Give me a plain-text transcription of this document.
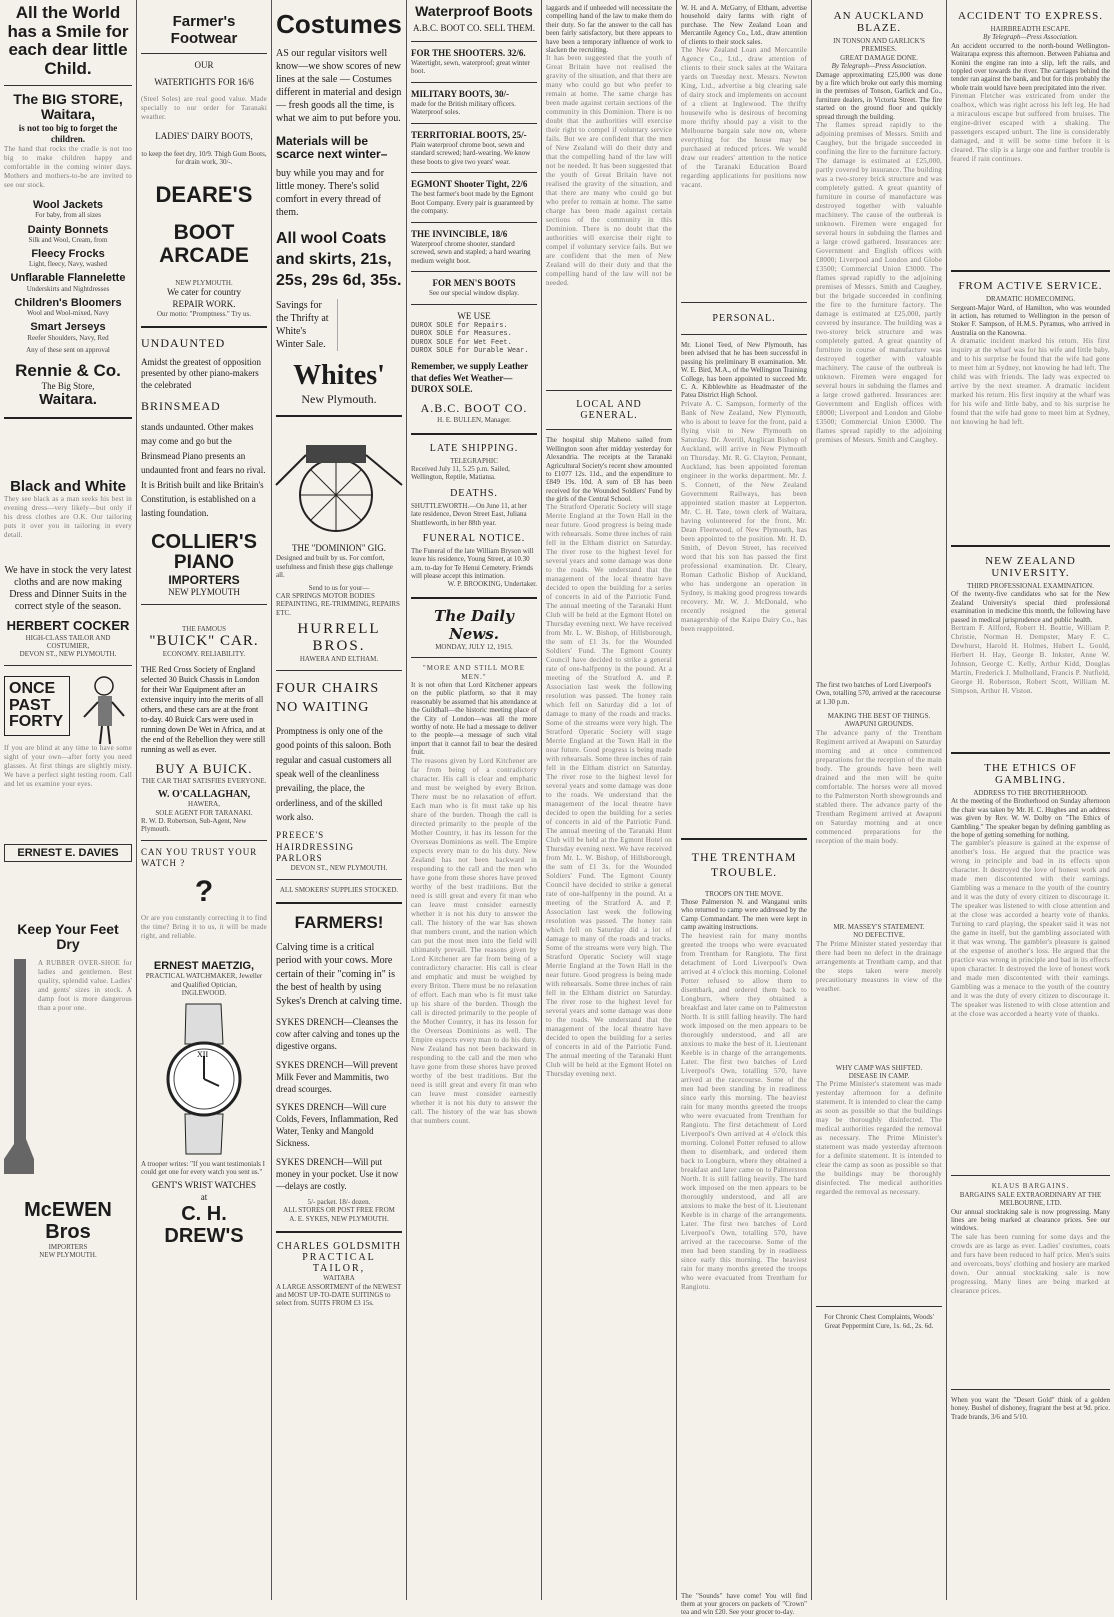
All the World has a Smile for each dear little Child.
The BIG STORE, Waitara,
is not too big to forget the children.
The hand that rocks the cradle is not too big to make children happy and comfortable in the coming winter days. Mothers and mothers-to-be are invited to see our stock.
Wool Jackets
For baby, from all sizes
Dainty Bonnets
Silk and Wool, Cream, from
Fleecy Frocks
Light, fleecy, Navy, washed
Unflarable Flannelette
Underskirts and Nightdresses
Children's Bloomers
Wool and Wool-mixed, Navy
Smart Jerseys
Reefer Shoulders, Navy, Red
Any of these sent on approval
Rennie & Co.
The Big Store,
Waitara.
Black and White
They see black as a man seeks his best in evening dress—very likely—but only if his dress clothes are O.K. Our tailoring puts it over you in tailoring in every detail.
We have in stock the very latest cloths and are now making Dress and Dinner Suits in the correct style of the season.
HERBERT COCKER
HIGH-CLASS TAILOR AND COSTUMIER,
DEVON ST., NEW PLYMOUTH.
ONCE PAST FORTY
If you are blind at any time to have some sight of your own—after forty you need glasses. At first things are slightly misty. We have a perfect sight testing room. Call and let us examine your eyes.
ERNEST E. DAVIES
Keep Your Feet Dry
A RUBBER OVER-SHOE for ladies and gentlemen. Best quality, splendid value. Ladies' and gents' sizes in stock. A damp foot is more dangerous than a poor one.
McEWEN Bros
IMPORTERS
NEW PLYMOUTH.
Farmer's Footwear
OUR
WATERTIGHTS FOR 16/6
(Steel Soles) are real good value. Made specially to our order for Taranaki weather.
LADIES' DAIRY BOOTS,
to keep the feet dry, 10/9. Thigh Gum Boots, for drain work, 30/-.
DEARE'S
BOOT ARCADE
NEW PLYMOUTH.
We cater for country
REPAIR WORK.
Our motto: "Promptness." Try us.
UNDAUNTED
Amidst the greatest of opposition presented by other piano-makers the celebrated
BRINSMEAD
stands undaunted. Other makes may come and go but the Brinsmead Piano presents an undaunted front and fears no rival. It is British built and like Britain's Constitution, is established on a lasting foundation.
COLLIER'S
PIANO
IMPORTERS
NEW PLYMOUTH
THE FAMOUS
"BUICK" CAR.
ECONOMY. RELIABILITY.
THE Red Cross Society of England selected 30 Buick Chassis in London for their War Equipment after an extensive inquiry into the merits of all others, and these cars are at the front to-day. 40 Buick Cars were used in running down De Wet in Africa, and at the end of the Rebellion they were still running as well as ever.
BUY A BUICK.
THE CAR THAT SATISFIES EVERYONE.
W. O'CALLAGHAN,
HAWERA,
SOLE AGENT FOR TARANAKI.
R. W. D. Robertson, Sub-Agent, New Plymouth.
CAN YOU TRUST YOUR WATCH ?
?
Or are you constantly correcting it to find the time? Bring it to us, it will be made right, and reliable.
ERNEST MAETZIG,
PRACTICAL WATCHMAKER, Jeweller and Qualified Optician,
INGLEWOOD.
XII
A trooper writes: "If you want testimonials I could get one for every watch you sent us."
GENT'S WRIST WATCHES
at
C. H. DREW'S
Costumes
AS our regular visitors well know—we show scores of new lines at the sale — Costumes different in material and design — fresh goods all the time, is what we aim to put before you.
Materials will be scarce next winter–
buy while you may and for little money. There's solid comfort in every thread of them.
All wool Coats and skirts, 21s, 25s, 29s 6d, 35s.
Savings for the Thrifty at White's Winter Sale.
Whites'
New Plymouth.
THE "DOMINION" GIG.
Designed and built by us. For comfort, usefulness and finish these gigs challenge all.
Send to us for your—
CAR SPRINGS MOTOR BODIES REPAINTING, RE-TRIMMING, REPAIRS ETC.
HURRELL BROS.
HAWERA AND ELTHAM.
FOUR CHAIRS NO WAITING
Promptness is only one of the good points of this saloon. Both regular and casual customers all speak well of the cleanliness prevailing, the place, the orderliness, and of the skilled work also.
PREECE'S HAIRDRESSING PARLORS
DEVON ST., NEW PLYMOUTH.
ALL SMOKERS' SUPPLIES STOCKED.
FARMERS!
Calving time is a critical period with your cows. More certain of their "coming in" is the best of health by using Sykes's Drench at calving time.
SYKES DRENCH—Cleanses the cow after calving and tones up the digestive organs.
SYKES DRENCH—Will prevent Milk Fever and Mammitis, two dread scourges.
SYKES DRENCH—Will cure Colds, Fevers, Inflammation, Red Water, Tenky and Mangold Sickness.
SYKES DRENCH—Will put money in your pocket. Use it now—delays are costly.
5/- packet. 18/- dozen.
ALL STORES OR POST FREE FROM
A. E. SYKES, NEW PLYMOUTH.
CHARLES GOLDSMITH
PRACTICAL TAILOR,
WAITARA
A LARGE ASSORTMENT of the NEWEST and MOST UP-TO-DATE SUITINGS to select from. SUITS FROM £3 15s.
Waterproof Boots
A.B.C. BOOT CO. SELL THEM.
FOR THE SHOOTERS. 32/6.
Watertight, sewn, waterproof; great winter boot.
MILITARY BOOTS, 30/-
made for the British military officers. Waterproof soles.
TERRITORIAL BOOTS, 25/-
Plain waterproof chrome boot, sewn and standard screwed; hard-wearing. We know these boots to give two years' wear.
EGMONT Shooter Tight, 22/6
The best farmer's boot made by the Egmont Boot Company. Every pair is guaranteed by the company.
THE INVINCIBLE, 18/6
Waterproof chrome shooter, standard screwed, sewn and stapled; a hard wearing medium weight boot.
FOR MEN'S BOOTS
See our special window display.
WE USE
DUROX SOLE for Repairs.
DUROX SOLE for Measures.
DUROX SOLE for Wet Feet.
DUROX SOLE for Durable Wear.
Remember, we supply Leather that defies Wet Weather— DUROX SOLE.
A.B.C. BOOT CO.
H. E. BULLEN, Manager.
LATE SHIPPING.
TELEGRAPHIC
Received July 11, 5.25 p.m. Sailed, Wellington, Reptile, Matiatua.
DEATHS.
SHUTTLEWORTH.—On June 11, at her late residence, Devon Street East, Juliana Shuttleworth, in her 88th year.
FUNERAL NOTICE.
The Funeral of the late William Bryson will leave his residence, Young Street, at 10.30 a.m. to-day for Te Henui Cemetery. Friends will please accept this intimation.
W. P. BROOKING, Undertaker.
The Daily News.
MONDAY, JULY 12, 1915.
"MORE AND STILL MORE MEN."
It is not often that Lord Kitchener appears on the public platform, so that it may reasonably be assumed that his attendance at the Guildhall—the historic meeting place of the City of London—was all the more worthy of note. He had a message to deliver to the people—a message of such vital import that it cannot fail to bear the desired fruit.
The reasons given by Lord Kitchener are far from being of a contradictory character. His call is clear and emphatic and must be weighed by every Briton. There must be no relaxation of effort. Each man who is fit must take up his share of the burden. Though the call is directed primarily to the people of the Mother Country, it has its lesson for the Overseas Dominions as well. The Empire expects every man to do his duty. New Zealand has not been backward in responding to the call and the men who have gone from these shores have proved worthy of the best traditions. But the need is still great and every fit man who can leave must consider earnestly whether it is not his duty to answer the call. The history of the war has shown that numbers count, and the nation which can put the most men into the field will ultimately prevail. The reasons given by Lord Kitchener are far from being of a contradictory character. His call is clear and emphatic and must be weighed by every Briton. There must be no relaxation of effort. Each man who is fit must take up his share of the burden. Though the call is directed primarily to the people of the Mother Country, it has its lesson for the Overseas Dominions as well. The Empire expects every man to do his duty. New Zealand has not been backward in responding to the call and the men who have gone from these shores have proved worthy of the best traditions. But the need is still great and every fit man who can leave must consider earnestly whether it is not his duty to answer the call. The history of the war has shown that numbers count.
laggards and if unheeded will necessitate the compelling hand of the law to make them do their duty. So far the answer to the call has been fairly satisfactory, but there appears to have been a temporary influence of work to slacken the recruiting.
It has been suggested that the youth of Great Britain have not realised the gravity of the situation, and that there are many who could go but who prefer to remain at home. The same charge has been made against certain sections of the community in this Dominion. There is no doubt that the authorities will exercise their right to compel if voluntary service fails. But we are confident that the men of New Zealand will do their duty and that the compelling hand of the law will not be needed. It has been suggested that the youth of Great Britain have not realised the gravity of the situation, and that there are many who could go but who prefer to remain at home. The same charge has been made against certain sections of the community in this Dominion. There is no doubt that the authorities will exercise their right to compel if voluntary service fails. But we are confident that the men of New Zealand will do their duty and that the compelling hand of the law will not be needed.
LOCAL AND GENERAL.
The hospital ship Maheno sailed from Wellington soon after midday yesterday for Alexandria. The receipts at the Taranaki Agricultural Society's recent show amounted to £1077 12s. 11d., and the expenditure to £849 19s. 10d. A sum of £8 has been received for the Wounded Soldiers' Fund by the girls of the Central School.
The Stratford Operatic Society will stage Merrie England at the Town Hall in the near future. Good progress is being made with rehearsals. Some three inches of rain fell in the Eltham district on Saturday. The river rose to the highest level for several years and some damage was done to the roads. We understand that the management of the local theatre have decided to open the building for a series of concerts in aid of the Patriotic Fund. The annual meeting of the Taranaki Hunt Club will be held at the Egmont Hotel on Thursday evening next. We have received from Mr. L. W. Bishop, of Hillsborough, the sum of £1 3s. for the Wounded Soldiers' Fund. The Egmont County Council have decided to strike a general rate of one-halfpenny in the pound. At a meeting of the Stratford A. and P. Association last week the following resolution was passed. The honey rain which fell on Saturday did a lot of damage to many of the roads and tracks. Some of the streams were very high. The Stratford Operatic Society will stage Merrie England at the Town Hall in the near future. Good progress is being made with rehearsals. Some three inches of rain fell in the Eltham district on Saturday. The river rose to the highest level for several years and some damage was done to the roads. We understand that the management of the local theatre have decided to open the building for a series of concerts in aid of the Patriotic Fund. The annual meeting of the Taranaki Hunt Club will be held at the Egmont Hotel on Thursday evening next. We have received from Mr. L. W. Bishop, of Hillsborough, the sum of £1 3s. for the Wounded Soldiers' Fund. The Egmont County Council have decided to strike a general rate of one-halfpenny in the pound. At a meeting of the Stratford A. and P. Association last week the following resolution was passed. The honey rain which fell on Saturday did a lot of damage to many of the roads and tracks. Some of the streams were very high. The Stratford Operatic Society will stage Merrie England at the Town Hall in the near future. Good progress is being made with rehearsals. Some three inches of rain fell in the Eltham district on Saturday. The river rose to the highest level for several years and some damage was done to the roads. We understand that the management of the local theatre have decided to open the building for a series of concerts in aid of the Patriotic Fund. The annual meeting of the Taranaki Hunt Club will be held at the Egmont Hotel on Thursday evening next.
W. H. and A. McGarry, of Eltham, advertise household dairy farms with right of purchase. The New Zealand Loan and Mercantile Agency Co., Ltd., draw attention of clients to their stock sales.
The New Zealand Loan and Mercantile Agency Co., Ltd., draw attention of clients to their stock sales at the Waitara yards on Tuesday next. Messrs. Newton King, Ltd., advertise a big clearing sale of dairy stock and implements on account of a client at Inglewood. The thrifty housewife who is desirous of becoming more thrifty should pay a visit to the Melbourne bargain sale now on, where everything for the house may be purchased at reduced prices. We would draw our readers' attention to the notice of the Taranaki Education Board regarding applications for positions now vacant.
PERSONAL.
Mr. Lionel Teed, of New Plymouth, has been advised that he has been successful in passing his preliminary B examination. Mr. W. E. Bird, M.A., of the Wellington Training College, has been appointed to succeed Mr. C. A. Kibblewhite as Headmaster of the Patea District High School.
Private A. C. Sampson, formerly of the Bank of New Zealand, New Plymouth, who is about to leave for the front, paid a flying visit to New Plymouth on Saturday. Dr. Averill, Anglican Bishop of Auckland, will arrive in New Plymouth on Thursday. Mr. R. G. Clayton, Pennant, Auckland, has been appointed foreman engineer in the works department. Mr. J. S. Connett, of the New Zealand Government Railways, has been appointed station master at Lepperton. Mr. C. H. Tate, town clerk of Waitara, having volunteered for the front, Mr. Dean Fleetwood, of New Plymouth, has been appointed to the position. Mr. H. D. Smith, of Devon Street, has received word that his son has passed the first professional examination. Dr. Cleary, Roman Catholic Bishop of Auckland, who has undergone an operation in Sydney, is making good progress towards recovery. Mr. W. J. McDonald, who recently resigned the general managership of the Kaipu Dairy Co., has been reappointed.
THE TRENTHAM TROUBLE.
TROOPS ON THE MOVE.
Those Palmerston N. and Wanganui units who returned to camp were addressed by the Camp Commandant. The men were kept in camp awaiting instructions.
The heaviest rain for many months greeted the troops who were evacuated from Trentham for Rangiotu. The first detachment of Lord Liverpool's Own arrived at 4 o'clock this morning. Colonel Potter refused to allow them to disembark, and ordered them back to Longburn, where they obtained a breakfast and later came on to Palmerston North. It is still falling heavily. The hard work imposed on the men appears to be thoroughly understood, and all are anxious to make the best of it. Lieutenant Keeble is in charge of the arrangements. Later. The first two batches of Lord Liverpool's Own, totalling 570, have arrived at the racecourse. Some of the men had been standing by in readiness since early this morning. The heaviest rain for many months greeted the troops who were evacuated from Trentham for Rangiotu. The first detachment of Lord Liverpool's Own arrived at 4 o'clock this morning. Colonel Potter refused to allow them to disembark, and ordered them back to Longburn, where they obtained a breakfast and later came on to Palmerston North. It is still falling heavily. The hard work imposed on the men appears to be thoroughly understood, and all are anxious to make the best of it. Lieutenant Keeble is in charge of the arrangements. Later. The first two batches of Lord Liverpool's Own, totalling 570, have arrived at the racecourse. Some of the men had been standing by in readiness since early this morning. The heaviest rain for many months greeted the troops who were evacuated from Trentham for Rangiotu.
The "Sounds" have come! You will find them at your grocers on packets of "Crown" tea and win £20. See your grocer to-day.
AN AUCKLAND BLAZE.
IN TONSON AND GARLICK'S PREMISES.
GREAT DAMAGE DONE.
By Telegraph—Press Association.
Damage approximating £25,000 was done by a fire which broke out early this morning in the premises of Tonson, Garlick and Co., furniture dealers, in Victoria Street. The fire started on the ground floor and quickly spread through the building.
The flames spread rapidly to the adjoining premises of Messrs. Smith and Caughey, but the brigade succeeded in confining the fire to the furniture factory. The damage is estimated at £25,000, partly covered by insurance. The building was a two-storey brick structure and was completely gutted. A great quantity of furniture in course of manufacture was destroyed together with valuable machinery. The cause of the outbreak is unknown. Firemen were engaged for several hours in subduing the flames and a large crowd gathered. Insurances are: Government and English offices with £8000; Liverpool and London and Globe £3500; Commercial Union £3000. The flames spread rapidly to the adjoining premises of Messrs. Smith and Caughey, but the brigade succeeded in confining the fire to the furniture factory. The damage is estimated at £25,000, partly covered by insurance. The building was a two-storey brick structure and was completely gutted. A great quantity of furniture in course of manufacture was destroyed together with valuable machinery. The cause of the outbreak is unknown. Firemen were engaged for several hours in subduing the flames and a large crowd gathered. Insurances are: Government and English offices with £8000; Liverpool and London and Globe £3500; Commercial Union £3000. The flames spread rapidly to the adjoining premises of Messrs. Smith and Caughey.
The first two batches of Lord Liverpool's Own, totalling 570, arrived at the racecourse at 1.30 p.m.
MAKING THE BEST OF THINGS.
AWAPUNI GROUNDS.
The advance party of the Trentham Regiment arrived at Awapuni on Saturday morning and at once commenced preparations for the reception of the main body. The grounds have been well drained and the men will be quite comfortable. The horses were all moved to the Palmerston North showgrounds and stabled there. The advance party of the Trentham Regiment arrived at Awapuni on Saturday morning and at once commenced preparations for the reception of the main body.
MR. MASSEY'S STATEMENT.
NO DEFECTIVE.
The Prime Minister stated yesterday that there had been no defect in the drainage arrangements at Trentham camp, and that the steps taken were merely precautionary measures in view of the weather.
WHY CAMP WAS SHIFTED.
DISEASE IN CAMP.
The Prime Minister's statement was made yesterday afternoon for a definite statement. It is intended to clear the camp as soon as possible so that the buildings may be thoroughly disinfected. The medical authorities regarded the removal as necessary. The Prime Minister's statement was made yesterday afternoon for a definite statement. It is intended to clear the camp as soon as possible so that the buildings may be thoroughly disinfected. The medical authorities regarded the removal as necessary.
For Chronic Chest Complaints, Woods' Great Peppermint Cure, 1s. 6d., 2s. 6d.
ACCIDENT TO EXPRESS.
HAIRBREADTH ESCAPE.
By Telegraph—Press Association.
An accident occurred to the north-bound Wellington-Wairarapa express this afternoon. Between Pahiatua and Konini the engine ran into a slip, left the rails, and toppled over towards the river. The carriages behind the tender ran against the bank, and but for this probably the whole train would have been precipitated into the river.
Fireman Fletcher was extricated from under the coalbox, which was right across his left leg. He had a miraculous escape but suffered from bruises. The engine-driver escaped with a shaking. The passengers escaped unhurt. The line is considerably damaged, and it will be some time before it is cleared. The slip is a large one and further trouble is feared if rain continues.
FROM ACTIVE SERVICE.
DRAMATIC HOMECOMING.
Sergeant-Major Ward, of Hamilton, who was wounded in action, has returned to Wellington in the person of Stoker F. Sampson, of H.M.S. Pyramus, who arrived in Australia on the Kanowna.
A dramatic incident marked his return. His first inquiry at the wharf was for his wife and little baby, and to his surprise he found that the wife had gone to meet him at Sydney, not knowing he had left. The child was with friends. The lady was expected to arrive by the next steamer. A dramatic incident marked his return. His first inquiry at the wharf was for his wife and little baby, and to his surprise he found that the wife had gone to meet him at Sydney, not knowing he had left.
NEW ZEALAND UNIVERSITY.
THIRD PROFESSIONAL EXAMINATION.
Of the twenty-five candidates who sat for the New Zealand University's special third professional examination in medicine this month, the following have passed in medical jurisprudence and public health.
Bertram F. Allford, Robert H. Beattie, William P. Christie, Norman H. Dempster, Mary F. C. Dewhurst, Harold H. Holmes, Hubert L. Gould, Herbert H. Hay, George B. Inkster, Anne W. Johnson, George C. Kelly, Arthur Kidd, Douglas Martin, Frederick J. Mulholland, Francis P. Nutfield, George H. Robertson, Robert Scott, William M. Simpson, Arthur H. Viston.
THE ETHICS OF GAMBLING.
ADDRESS TO THE BROTHERHOOD.
At the meeting of the Brotherhood on Sunday afternoon the chair was taken by Mr. H. C. Hughes and an address was given by Rev. W. W. Dolby on "The Ethics of Gambling." The speaker began by defining gambling as the hope of getting something for nothing.
The gambler's pleasure is gained at the expense of another's loss. He argued that the practice was wrong in principle and bad in its effects upon character. It destroyed the love of honest work and made men discontented with their earnings. Gambling was a menace to the youth of the country and it was the duty of every citizen to discourage it. The speaker was listened to with close attention and at the close was accorded a hearty vote of thanks. Turning to card playing, the speaker said it was not the game in itself, but the gambling associated with it that was wrong. The gambler's pleasure is gained at the expense of another's loss. He argued that the practice was wrong in principle and bad in its effects upon character. It destroyed the love of honest work and made men discontented with their earnings. Gambling was a menace to the youth of the country and it was the duty of every citizen to discourage it. The speaker was listened to with close attention and at the close was accorded a hearty vote of thanks.
KLAUS BARGAINS.
BARGAINS SALE EXTRAORDINARY AT THE MELBOURNE, LTD.
Our annual stocktaking sale is now progressing. Many lines are being marked at clearance prices. See our windows.
The sale has been running for some days and the crowds are as large as ever. Ladies' costumes, coats and furs have been reduced to half price. Men's suits and overcoats, boys' clothing and hosiery are marked down. Our annual stocktaking sale is now progressing. Many lines are being marked at clearance prices.
When you want the "Desert Gold" think of a golden honey. Bushel of dishoney, fragrant the best at 9d. price. Trade brands, 3/6 and 5/10.
